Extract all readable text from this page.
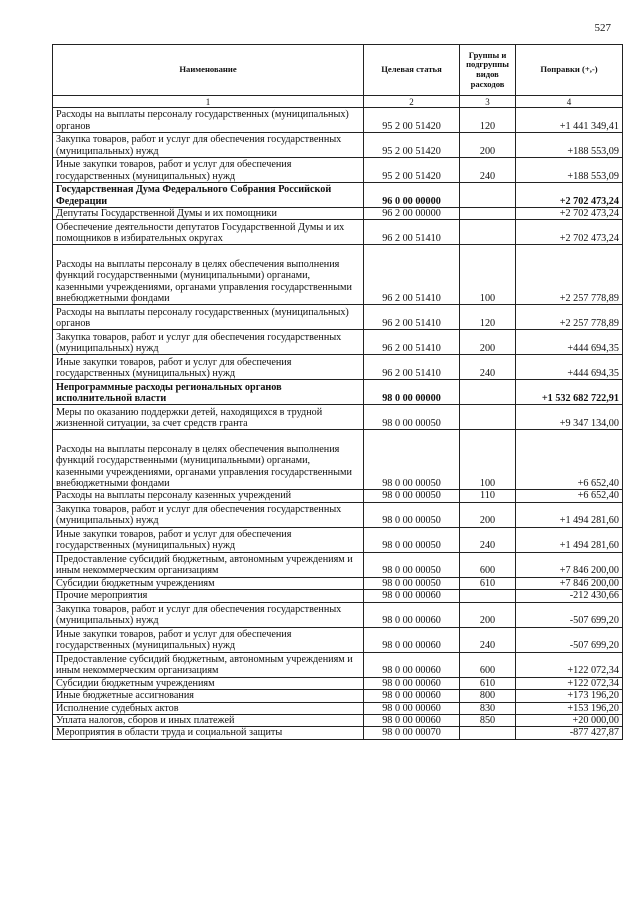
527
Наименование	Целевая статья	Группы и подгруппы видов расходов	Поправки (+,-)
1	2	3	4
Расходы на выплаты персоналу государственных (муниципальных) органов	95 2 00 51420	120	+1 441 349,41
Закупка товаров, работ и услуг для обеспечения государственных (муниципальных) нужд	95 2 00 51420	200	+188 553,09
Иные закупки товаров, работ и услуг для обеспечения государственных (муниципальных) нужд	95 2 00 51420	240	+188 553,09
Государственная Дума Федерального Собрания Российской Федерации	96 0 00 00000		+2 702 473,24
Депутаты Государственной Думы и их помощники	96 2 00 00000		+2 702 473,24
Обеспечение деятельности депутатов Государственной Думы и их помощников в избирательных округах	96 2 00 51410		+2 702 473,24
Расходы на выплаты персоналу в целях обеспечения выполнения функций государственными (муниципальными) органами, казенными учреждениями, органами управления государственными внебюджетными фондами	96 2 00 51410	100	+2 257 778,89
Расходы на выплаты персоналу государственных (муниципальных) органов	96 2 00 51410	120	+2 257 778,89
Закупка товаров, работ и услуг для обеспечения государственных (муниципальных) нужд	96 2 00 51410	200	+444 694,35
Иные закупки товаров, работ и услуг для обеспечения государственных (муниципальных) нужд	96 2 00 51410	240	+444 694,35
Непрограммные расходы региональных органов исполнительной власти	98 0 00 00000		+1 532 682 722,91
Меры по оказанию поддержки детей, находящихся в трудной жизненной ситуации, за счет средств гранта	98 0 00 00050		+9 347 134,00
Расходы на выплаты персоналу в целях обеспечения выполнения функций государственными (муниципальными) органами, казенными учреждениями, органами управления государственными внебюджетными фондами	98 0 00 00050	100	+6 652,40
Расходы на выплаты персоналу казенных учреждений	98 0 00 00050	110	+6 652,40
Закупка товаров, работ и услуг для обеспечения государственных (муниципальных) нужд	98 0 00 00050	200	+1 494 281,60
Иные закупки товаров, работ и услуг для обеспечения государственных (муниципальных) нужд	98 0 00 00050	240	+1 494 281,60
Предоставление субсидий бюджетным, автономным учреждениям и иным некоммерческим организациям	98 0 00 00050	600	+7 846 200,00
Субсидии бюджетным учреждениям	98 0 00 00050	610	+7 846 200,00
Прочие мероприятия	98 0 00 00060		-212 430,66
Закупка товаров, работ и услуг для обеспечения государственных (муниципальных) нужд	98 0 00 00060	200	-507 699,20
Иные закупки товаров, работ и услуг для обеспечения государственных (муниципальных) нужд	98 0 00 00060	240	-507 699,20
Предоставление субсидий бюджетным, автономным учреждениям и иным некоммерческим организациям	98 0 00 00060	600	+122 072,34
Субсидии бюджетным учреждениям	98 0 00 00060	610	+122 072,34
Иные бюджетные ассигнования	98 0 00 00060	800	+173 196,20
Исполнение судебных актов	98 0 00 00060	830	+153 196,20
Уплата налогов, сборов и иных платежей	98 0 00 00060	850	+20 000,00
Мероприятия в области труда и социальной защиты	98 0 00 00070		-877 427,87
